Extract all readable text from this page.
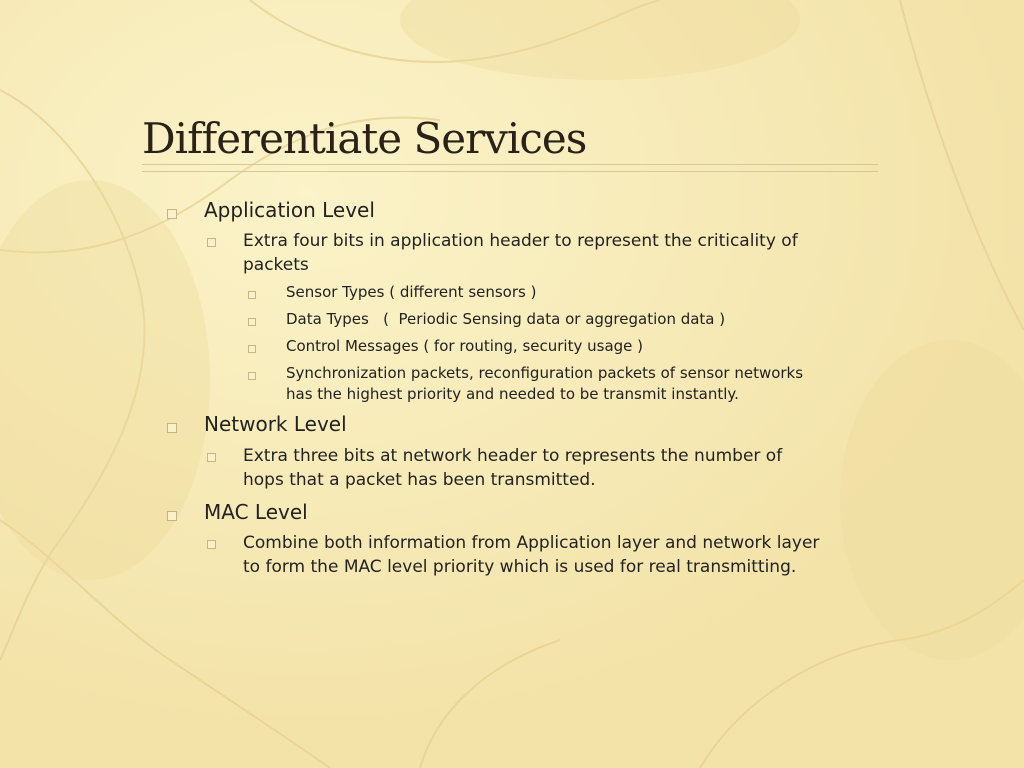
Differentiate Services
Application Level
Extra four bits in application header to represent the criticality of
packets
Sensor Types ( different sensors )
Data Types   (  Periodic Sensing data or aggregation data )
Control Messages ( for routing, security usage )
Synchronization packets, reconfiguration packets of sensor networks
has the highest priority and needed to be transmit instantly.
Network Level
Extra three bits at network header to represents the number of
hops that a packet has been transmitted.
MAC Level
Combine both information from Application layer and network layer
to form the MAC level priority which is used for real transmitting.
